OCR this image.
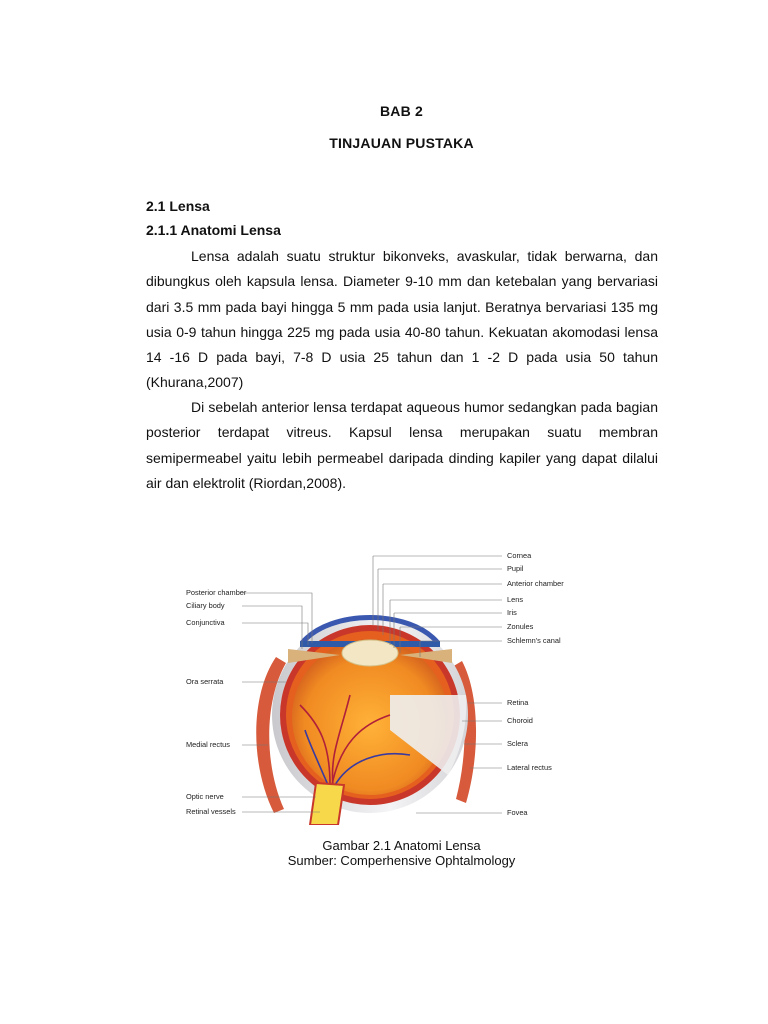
BAB 2
TINJAUAN PUSTAKA
2.1 Lensa
2.1.1 Anatomi Lensa

Lensa adalah suatu struktur bikonveks, avaskular, tidak berwarna, dan dibungkus oleh kapsula lensa. Diameter 9-10 mm dan ketebalan yang bervariasi dari 3.5 mm pada bayi hingga 5 mm pada usia lanjut. Beratnya bervariasi 135 mg usia 0-9 tahun hingga 225 mg pada usia 40-80 tahun. Kekuatan akomodasi lensa 14 -16 D pada bayi, 7-8 D usia 25 tahun dan 1 -2 D pada usia 50 tahun (Khurana,2007)

Di sebelah anterior lensa terdapat aqueous humor sedangkan pada bagian posterior terdapat vitreus. Kapsul lensa merupakan suatu membran semipermeabel yaitu lebih permeabel daripada dinding kapiler yang dapat dilalui air dan elektrolit (Riordan,2008).

Posterior chamber
Ciliary body
Conjunctiva
Ora serrata
Medial rectus
Optic nerve
Retinal vessels
Cornea
Pupil
Anterior chamber
Lens
Iris
Zonules
Schlemn's canal
Retina
Choroid
Sclera
Lateral rectus
Fovea
Gambar 2.1 Anatomi Lensa
Sumber: Comperhensive Ophtalmology
